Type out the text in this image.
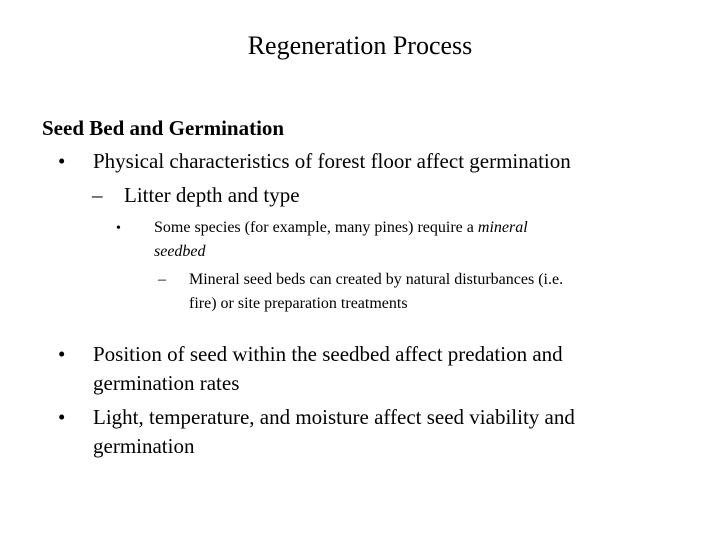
Regeneration Process
Seed Bed and Germination
• Physical characteristics of forest floor affect germination
– Litter depth and type
• Some species (for example, many pines) require a mineral
seedbed
– Mineral seed beds can created by natural disturbances (i.e.
fire) or site preparation treatments
• Position of seed within the seedbed affect predation and
germination rates
• Light, temperature, and moisture affect seed viability and
germination
